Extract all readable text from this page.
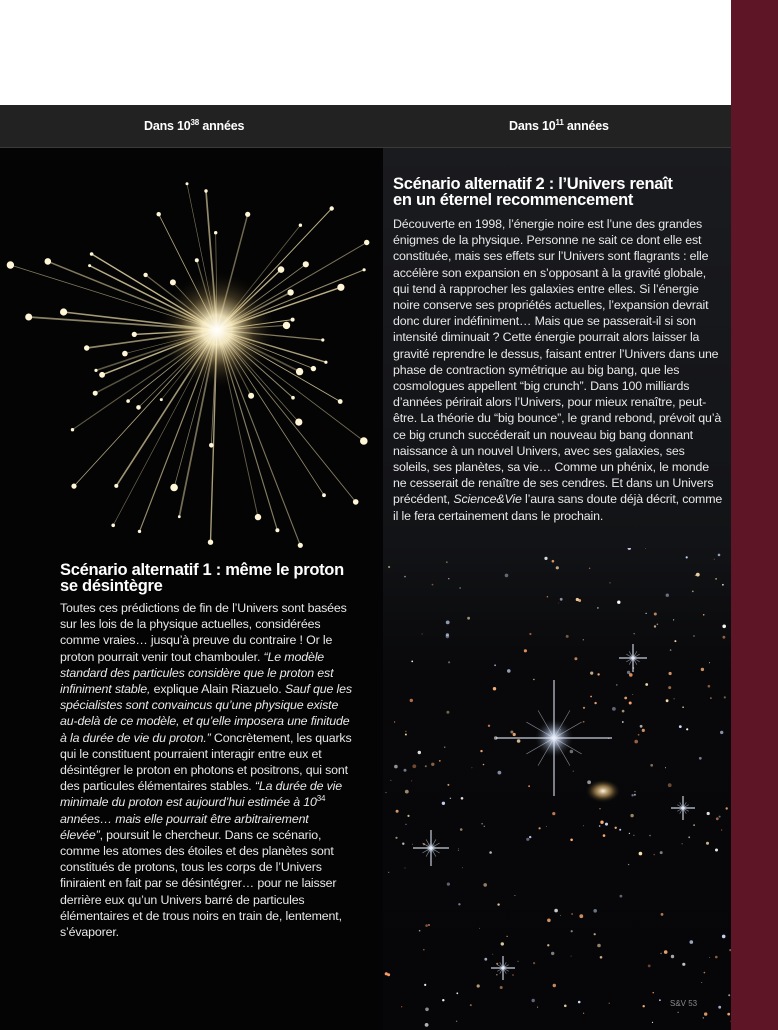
Dans $10^{38}$ années	Dans $10^{11}$ années
Scénario alternatif 1 : même le proton
se désintègre

Toutes ces prédictions de fin de l’Univers sont basées sur les lois de la physique actuelles, considérées comme vraies… jusqu’à preuve du contraire ! Or le proton pourrait venir tout chambouler. “Le modèle standard des particules considère que le proton est infiniment stable, explique Alain Riazuelo. Sauf que les spécialistes sont convaincus qu’une physique existe au-delà de ce modèle, et qu’elle imposera une finitude à la durée de vie du proton.” Concrètement, les quarks qui le constituent pourraient interagir entre eux et désintégrer le proton en photons et positrons, qui sont des particules élémentaires stables. “La durée de vie minimale du proton est aujourd’hui estimée à $10^{34}$ années… mais elle pourrait être arbitrairement élevée”, poursuit le chercheur. Dans ce scénario, comme les atomes des étoiles et des planètes sont constitués de protons, tous les corps de l’Univers finiraient en fait par se désintégrer… pour ne laisser derrière eux qu’un Univers barré de particules élémentaires et de trous noirs en train de, lentement, s’évaporer.

Scénario alternatif 2 : l’Univers renaît
en un éternel recommencement

Découverte en 1998, l’énergie noire est l’une des grandes énigmes de la physique. Personne ne sait ce dont elle est constituée, mais ses effets sur l’Univers sont flagrants : elle accélère son expansion en s’opposant à la gravité globale, qui tend à rapprocher les galaxies entre elles. Si l’énergie noire conserve ses propriétés actuelles, l’expansion devrait donc durer indéfiniment… Mais que se passerait-il si son intensité diminuait ? Cette énergie pourrait alors laisser la gravité reprendre le dessus, faisant entrer l’Univers dans une phase de contraction symétrique au big bang, que les cosmologues appellent “big crunch”. Dans 100 milliards d’années périrait alors l’Univers, pour mieux renaître, peut-être. La théorie du “big bounce”, le grand rebond, prévoit qu’à ce big crunch succéderait un nouveau big bang donnant naissance à un nouvel Univers, avec ses galaxies, ses soleils, ses planètes, sa vie… Comme un phénix, le monde ne cesserait de renaître de ses cendres. Et dans un Univers précédent, Science&Vie l’aura sans doute déjà décrit, comme il le fera certainement dans le prochain.

S&V 53
